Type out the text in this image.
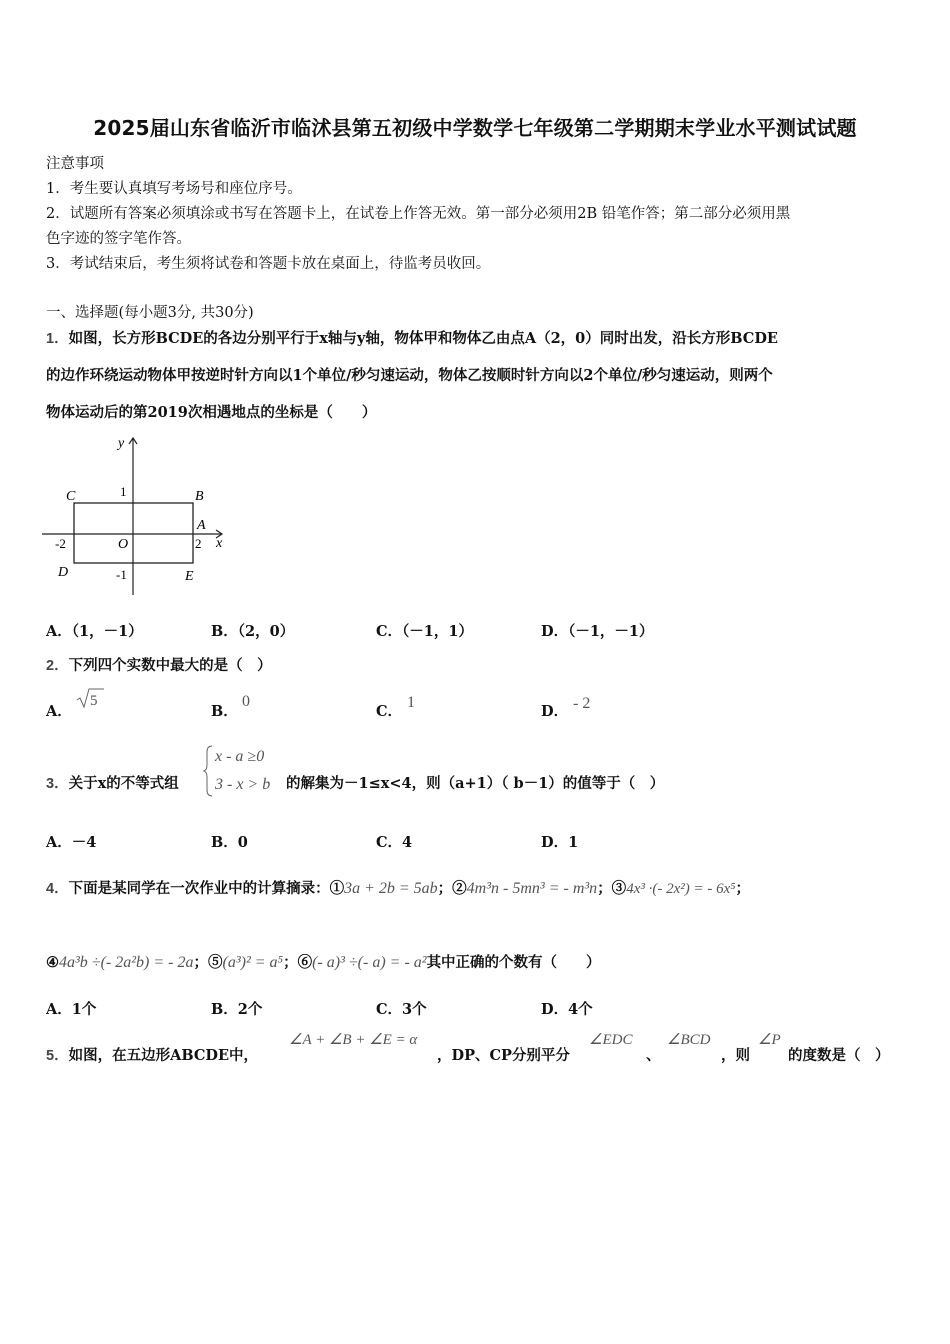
2025届山东省临沂市临沭县第五初级中学数学七年级第二学期期末学业水平测试试题
注意事项
1．考生要认真填写考场号和座位序号。
2．试题所有答案必须填涂或书写在答题卡上，在试卷上作答无效。第一部分必须用2B 铅笔作答；第二部分必须用黑
色字迹的签字笔作答。
3．考试结束后，考生须将试卷和答题卡放在桌面上，待监考员收回。
一、选择题(每小题3分, 共30分)
1．如图，长方形BCDE的各边分别平行于x轴与y轴，物体甲和物体乙由点A（2，0）同时出发，沿长方形BCDE
的边作环绕运动物体甲按逆时针方向以1个单位/秒匀速运动，物体乙按顺时针方向以2个单位/秒匀速运动，则两个
物体运动后的第2019次相遇地点的坐标是（　　）
y
x
C	B
A
D	E
O
1
-1
2
-2
A．（1，－1）	B．（2，0）	C．（－1，1）	D．（－1，－1）
2．下列四个实数中最大的是（　）
A．
5
B．
0
C．
1
D． - 2
3．关于x的不等式组
x - a ≥0
3 - x > b 的解集为－1≤x<4，则（a+1）（ b－1）的值等于（　）
A．－4	B．0	C．4	D．1
4．下面是某同学在一次作业中的计算摘录：①3a + 2b = 5ab；②4m³n - 5mn³ = - m³n；③4x³ ·(- 2x²) = - 6x⁵；
④4a³b ÷(- 2a²b) = - 2a；⑤(a³)² = a⁵；⑥(- a)³ ÷(- a) = - a²其中正确的个数有（　　）
A．1个	B．2个	C．3个	D．4个
5．如图，在五边形ABCDE中，
∠A + ∠B + ∠E = α
，DP、CP分别平分
∠EDC
、
∠BCD
，则
∠P
的度数是（　）
